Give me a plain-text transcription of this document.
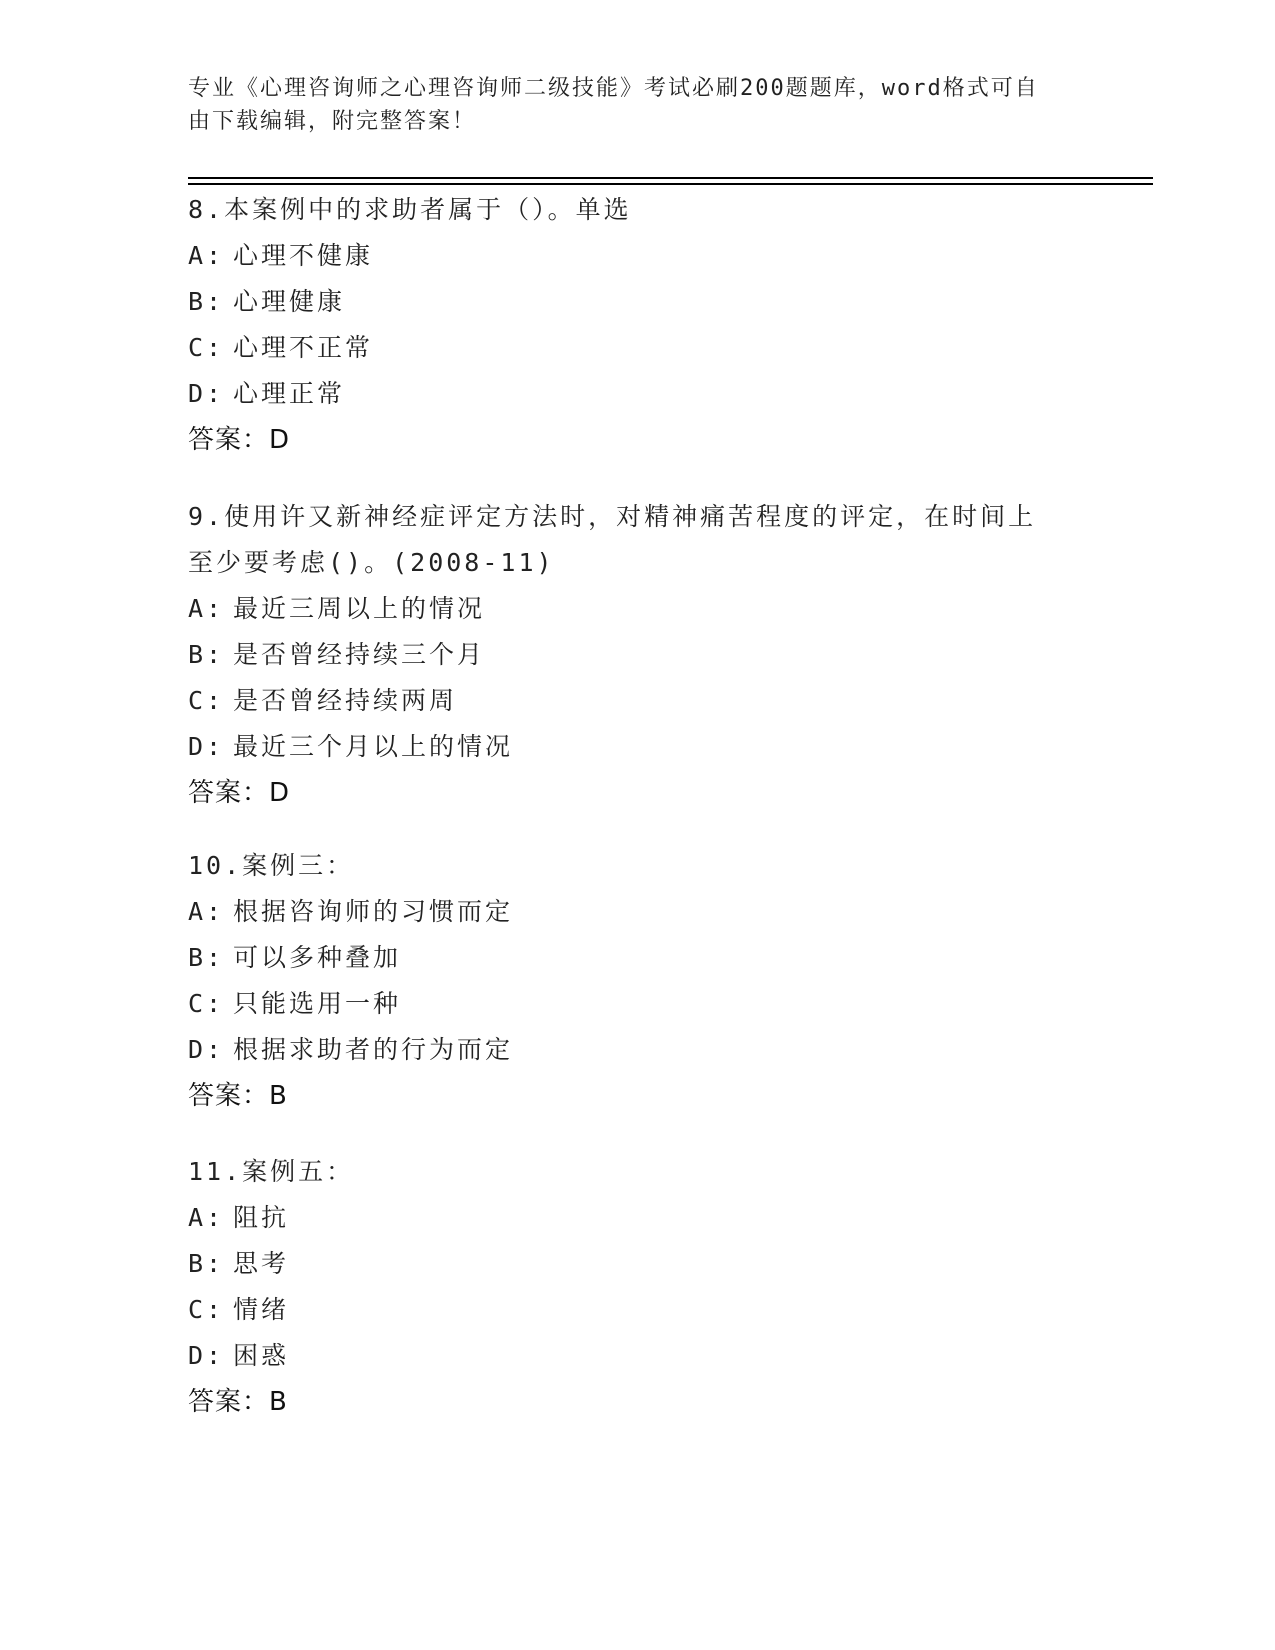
专业《心理咨询师之心理咨询师二级技能》考试必刷200题题库，word格式可自
由下载编辑，附完整答案！
8.本案例中的求助者属于（）。单选
A: 心理不健康
B: 心理健康
C: 心理不正常
D: 心理正常
答案：D
9.使用许又新神经症评定方法时，对精神痛苦程度的评定，在时间上
至少要考虑()。(2008-11)
A: 最近三周以上的情况
B: 是否曾经持续三个月
C: 是否曾经持续两周
D: 最近三个月以上的情况
答案：D
10.案例三：
A: 根据咨询师的习惯而定
B: 可以多种叠加
C: 只能选用一种
D: 根据求助者的行为而定
答案：B
11.案例五：
A: 阻抗
B: 思考
C: 情绪
D: 困惑
答案：B
